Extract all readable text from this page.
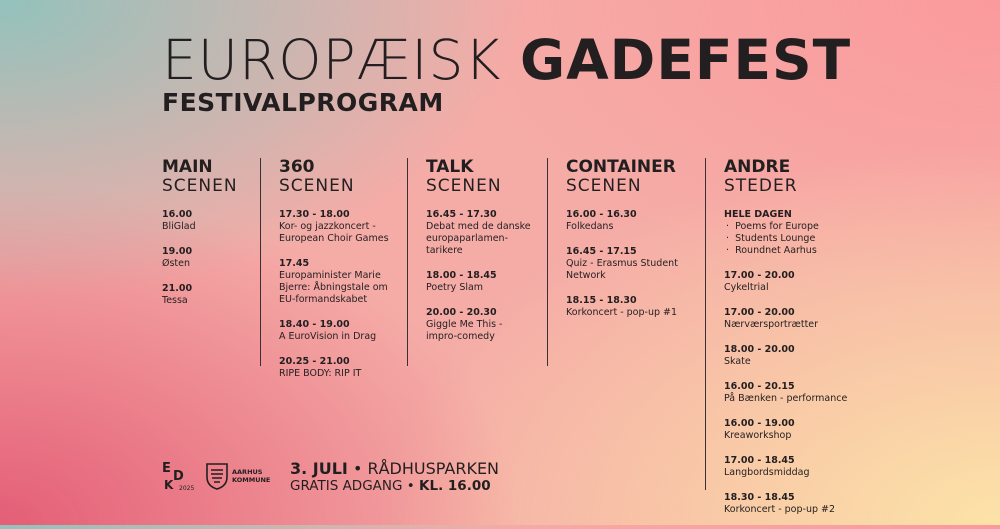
EUROPÆISK GADEFEST
FESTIVALPROGRAM
MAIN
SCENEN
16.00
BliGlad
19.00
Østen
21.00
Tessa
360
SCENEN
17.30 - 18.00
Kor- og jazzkoncert -
European Choir Games
17.45
Europaminister Marie
Bjerre: Åbningstale om
EU-formandskabet
18.40 - 19.00
A EuroVision in Drag
20.25 - 21.00
RIPE BODY: RIP IT
TALK
SCENEN
16.45 - 17.30
Debat med de danske
europaparlamen-
tarikere
18.00 - 18.45
Poetry Slam
20.00 - 20.30
Giggle Me This -
impro-comedy
CONTAINER
SCENEN
16.00 - 16.30
Folkedans
16.45 - 17.15
Quiz - Erasmus Student
Network
18.15 - 18.30
Korkoncert - pop-up #1
ANDRE
STEDER
HELE DAGEN
·  Poems for Europe
·  Students Lounge
·  Roundnet Aarhus
17.00 - 20.00
Cykeltrial
17.00 - 20.00
Nærværsportrætter
18.00 - 20.00
Skate
16.00 - 20.15
På Bænken - performance
16.00 - 19.00
Kreaworkshop
17.00 - 18.45
Langbordsmiddag
18.30 - 18.45
Korkoncert - pop-up #2
E
D
K 2025
AARHUS
KOMMUNE
3. JULI • RÅDHUSPARKEN
GRATIS ADGANG • KL. 16.00
